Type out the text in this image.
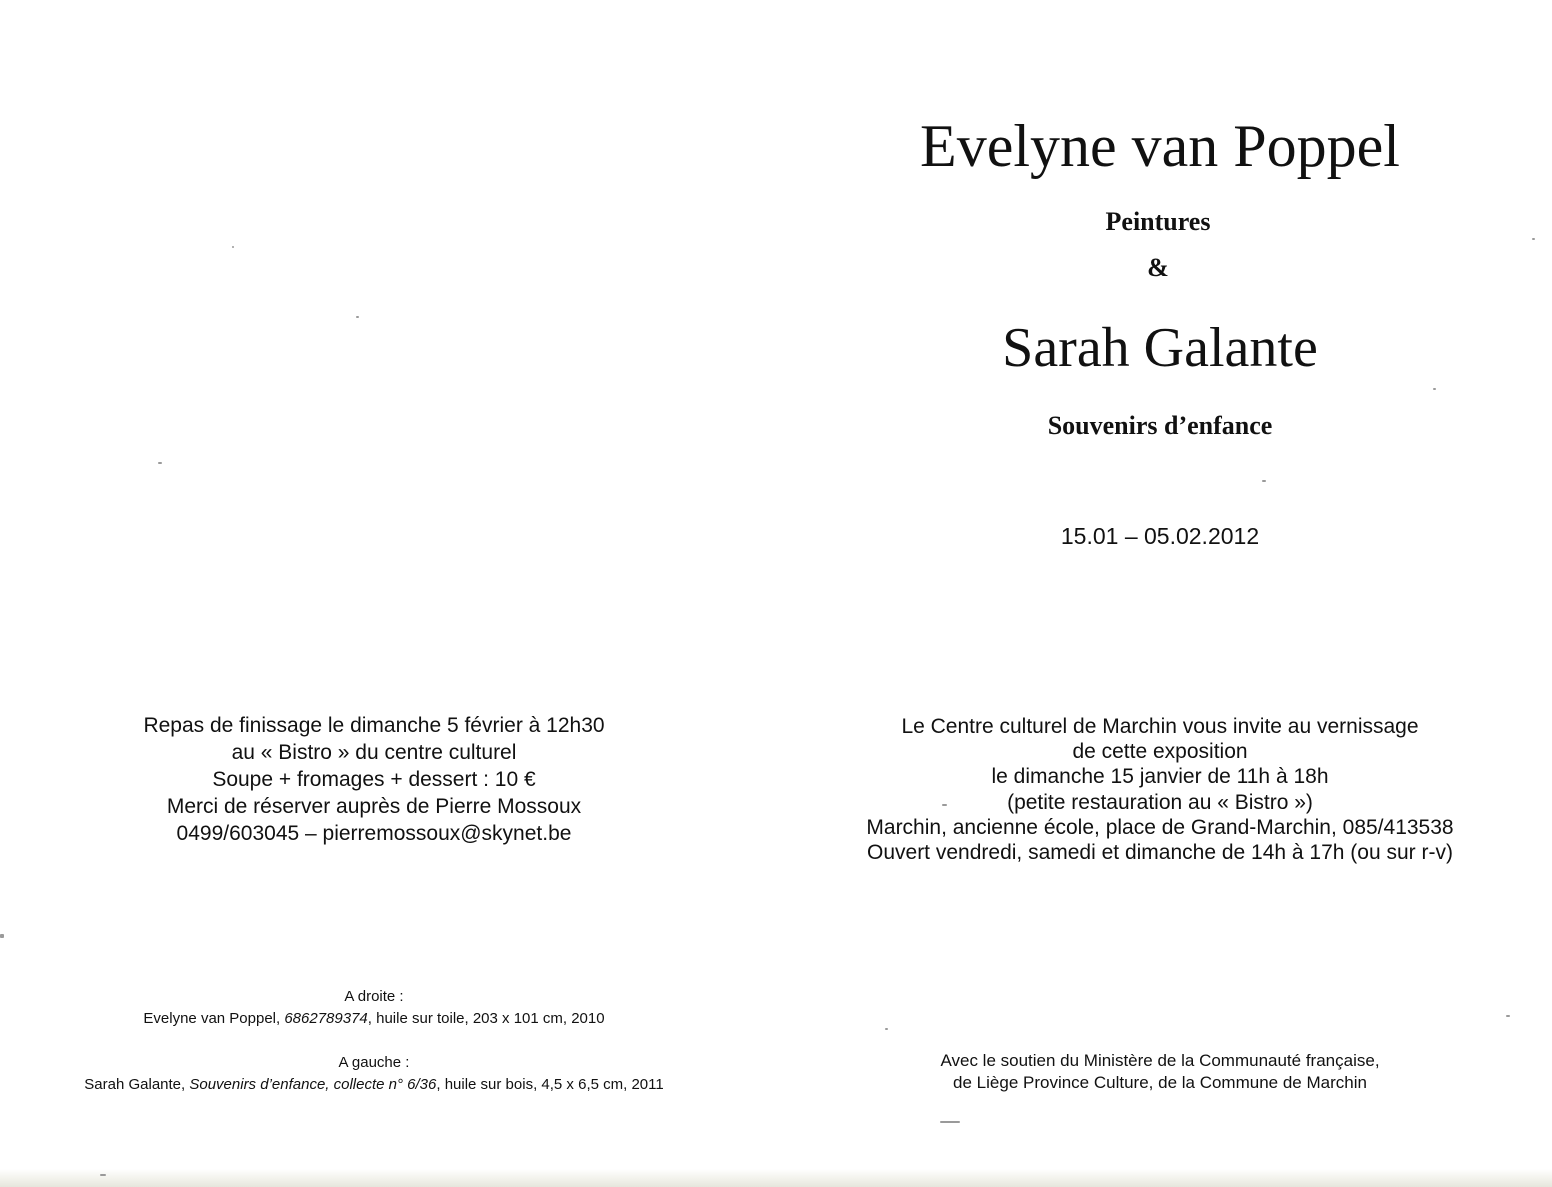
Evelyne van Poppel
Peintures
&
Sarah Galante
Souvenirs d’enfance
15.01 – 05.02.2012
Le Centre culturel de Marchin vous invite au vernissage
de cette exposition
le dimanche 15 janvier de 11h à 18h
(petite restauration au « Bistro »)
Marchin, ancienne école, place de Grand-Marchin, 085/413538
Ouvert vendredi, samedi et dimanche de 14h à 17h (ou sur r-v)
Avec le soutien du Ministère de la Communauté française,
de Liège Province Culture, de la Commune de Marchin
Repas de finissage le dimanche 5 février à 12h30
au « Bistro » du centre culturel
Soupe + fromages + dessert : 10 €
Merci de réserver auprès de Pierre Mossoux
0499/603045 – pierremossoux@skynet.be
A droite :
Evelyne van Poppel, 6862789374, huile sur toile, 203 x 101 cm, 2010
A gauche :
Sarah Galante, Souvenirs d’enfance, collecte n° 6/36, huile sur bois, 4,5 x 6,5 cm, 2011
